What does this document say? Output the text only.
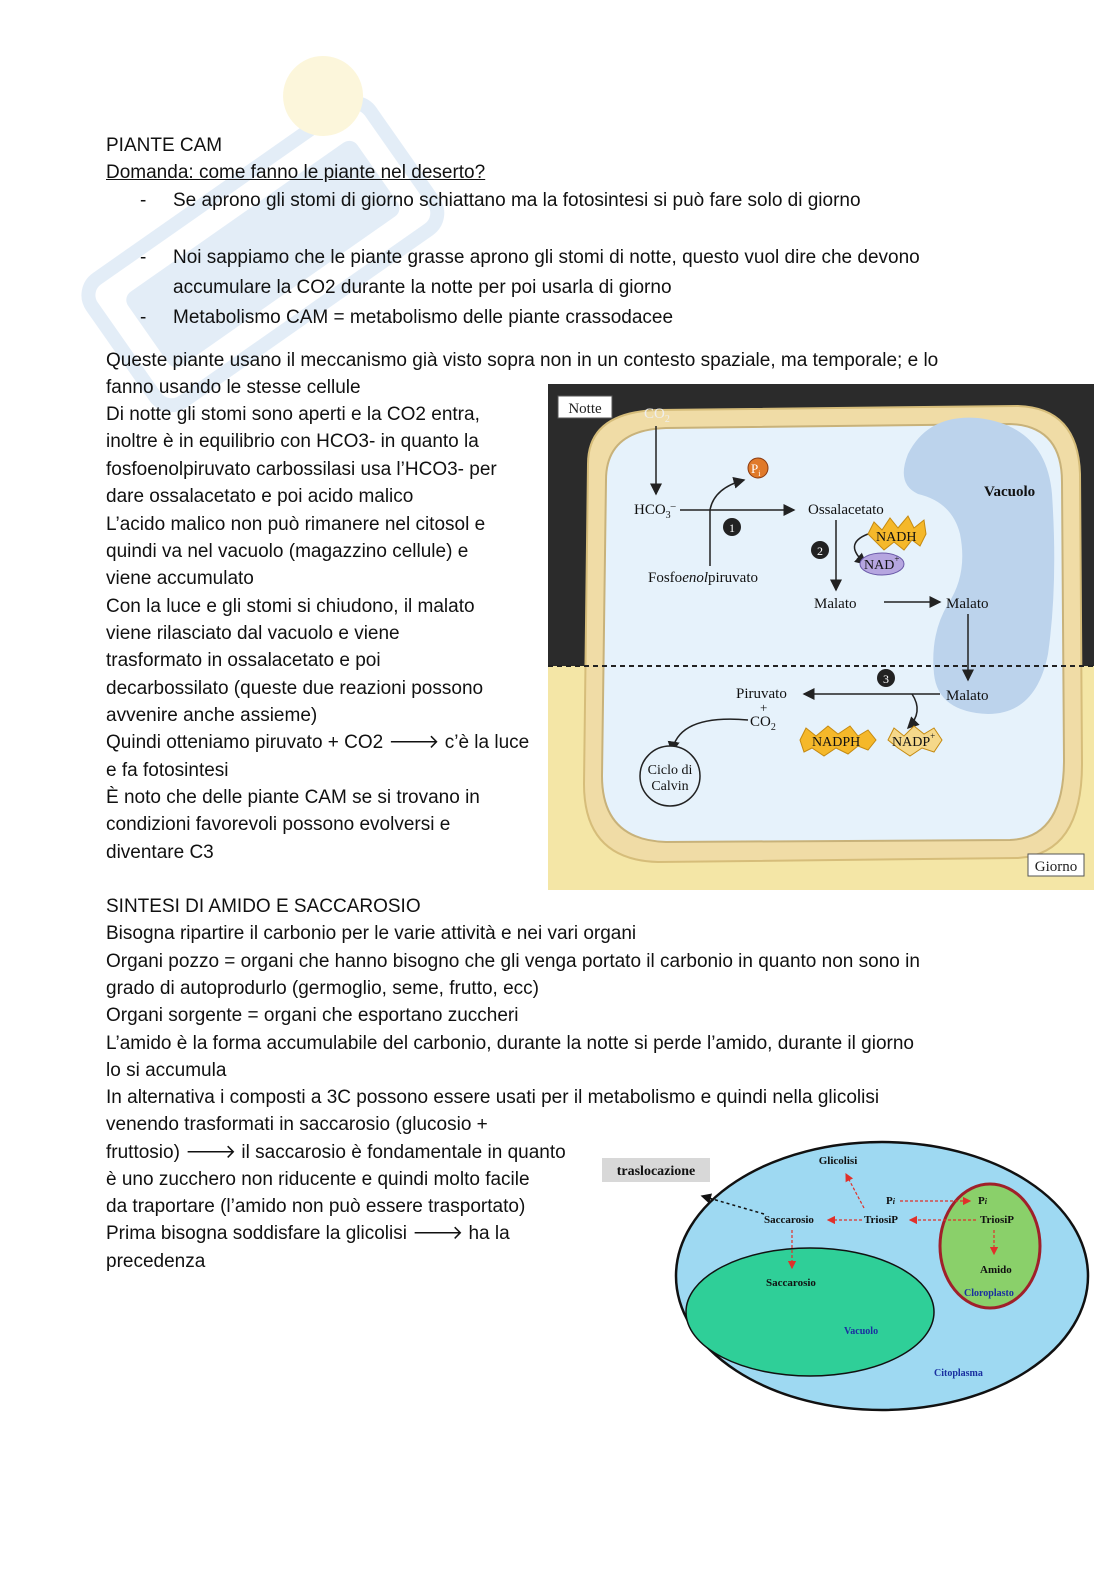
PIANTE CAM
Domanda: come fanno le piante nel deserto?
- Se aprono gli stomi di giorno schiattano ma la fotosintesi si può fare solo di giorno
- Noi sappiamo che le piante grasse aprono gli stomi di notte, questo vuol dire che devono
accumulare la CO2 durante la notte per poi usarla di giorno
- Metabolismo CAM = metabolismo delle piante crassodacee
Queste piante usano il meccanismo già visto sopra non in un contesto spaziale, ma temporale; e lo
fanno usando le stesse cellule
Di notte gli stomi sono aperti e la CO2 entra,
inoltre è in equilibrio con HCO3- in quanto la
fosfoenolpiruvato carbossilasi usa l’HCO3- per
dare ossalacetato e poi acido malico
L’acido malico non può rimanere nel citosol e
quindi va nel vacuolo (magazzino cellule) e
viene accumulato
Con la luce e gli stomi si chiudono, il malato
viene rilasciato dal vacuolo e viene
trasformato in ossalacetato e poi
decarbossilato (queste due reazioni possono
avvenire anche assieme)
Quindi otteniamo piruvato + CO2 🡒 c’è la luce
e fa fotosintesi
È noto che delle piante CAM se si trovano in
condizioni favorevoli possono evolversi e
diventare C3
Notte
Giorno
$CO_2$
$HCO_3^-$
$P_i$
1
Ossalacetato
Fosfoenolpiruvato
2
NADH
NAD+
Malato	Malato
Vacuolo
Malato
3
Piruvato
+
$CO_2$
NADPH NADP+
Ciclo di
Calvin
SINTESI DI AMIDO E SACCAROSIO
Bisogna ripartire il carbonio per le varie attività e nei vari organi
Organi pozzo = organi che hanno bisogno che gli venga portato il carbonio in quanto non sono in
grado di autoprodurlo (germoglio, seme, frutto, ecc)
Organi sorgente = organi che esportano zuccheri
L’amido è la forma accumulabile del carbonio, durante la notte si perde l’amido, durante il giorno
lo si accumula
In alternativa i composti a 3C possono essere usati per il metabolismo e quindi nella glicolisi
venendo trasformati in saccarosio (glucosio +
fruttosio) 🡒 il saccarosio è fondamentale in quanto
è uno zucchero non riducente e quindi molto facile
da traportare (l’amido non può essere trasportato)
Prima bisogna soddisfare la glicolisi 🡒 ha la
precedenza
traslocazione
Glicolisi
Pi	Pi
Saccarosio	TriosiP	TriosiP
Amido
Cloroplasto
Saccarosio
Vacuolo
Citoplasma
